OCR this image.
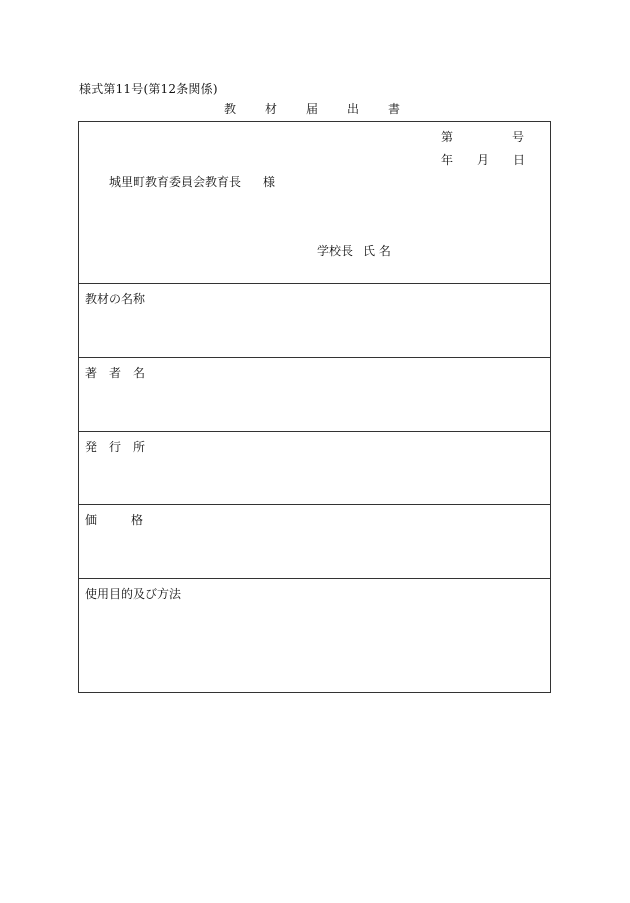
様式第11号(第12条関係)
教 材 届 出 書
第	号
年 月 日
城里町教育委員会教育長 様
学校長 氏 名
教材の名称
著 者 名
発 行 所
価	格
使用目的及び方法
